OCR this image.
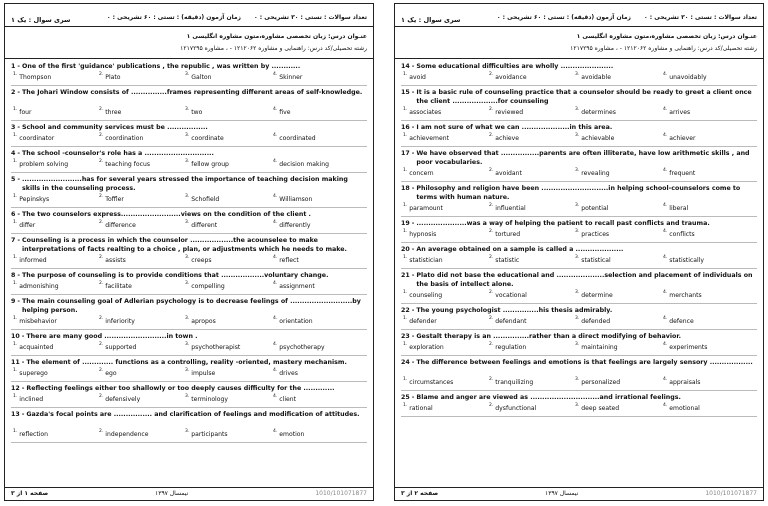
سری سوال : یک ۱	تعداد سوالات : تستی : ۳۰ تشریحی : ۰
زمان آزمون (دقیقه) : تستی : ۶۰ تشریحی : ۰
عنـوان درس: زبان تخصصی مشاوره،متون مشاوره انگلیسی ۱
رشته تحصیلی/کد درس: راهنمایی و مشاوره ۱۲۱۲۰۶۲ - ، مشاوره ۱۲۱۷۲۹۵
1 - One of the first 'guidance' publications , the republic , was written by ............
$^{1.}$ Thompson	$^{2.}$ Plato	$^{3.}$ Galton	$^{4.}$ Skinner
2 - The Johari Window consists of ...............frames representing different areas of self-knowledge.
$^{1.}$ four	$^{2.}$ three	$^{3.}$ two	$^{4.}$ five
3 - School and community services must be .................
$^{1.}$ coordinator	$^{2.}$ coordination	$^{3.}$ coordinate	$^{4.}$ coordinated
4 - The school -counselor's role has a .............................
$^{1.}$ problem solving	$^{2.}$ teaching focus	$^{3.}$ fellow group	$^{4.}$ decision making
5 - .........................has for several years stressed the importance of teaching decision making skills in the counseling process.
$^{1.}$ Pepinskys	$^{2.}$ Toffler	$^{3.}$ Schofield	$^{4.}$ Williamson
6 - The two counselors express.........................views on the condition of the client .
$^{1.}$ differ	$^{2.}$ difference	$^{3.}$ different	$^{4.}$ differently
7 - Counseling is a process in which the counselor ..................the acounselee to make interpretations of facts realting to a choice , plan, or adjustments which he needs to make.
$^{1.}$ informed	$^{2.}$ assists	$^{3.}$ creeps	$^{4.}$ reflect
8 - The purpose of counseling is to provide conditions that ..................voluntary change.
$^{1.}$ admonishing	$^{2.}$ facilitate	$^{3.}$ compelling	$^{4.}$ assignment
9 - The main counseling goal of Adlerian psychology is to decrease feelings of ..........................by helping person.
$^{1.}$ misbehavior	$^{2.}$ inferiority	$^{3.}$ apropos	$^{4.}$ orientation
10 - There are many good ..........................in town .
$^{1.}$ acquainted	$^{2.}$ supported	$^{3.}$ psychotherapist	$^{4.}$ psychotherapy
11 - The element of ............. functions as a controlling, reality -oriented, mastery mechanism.
$^{1.}$ superego	$^{2.}$ ego	$^{3.}$ impulse	$^{4.}$ drives
12 - Reflecting feelings either too shallowly or too deeply causes difficulty for the .............
$^{1.}$ inclined	$^{2.}$ defensively	$^{3.}$ terminology	$^{4.}$ client
13 - Gazda's focal points are ................ and clarification of feelings and modification of attitudes.
$^{1.}$ reflection	$^{2.}$ independence	$^{3.}$ participants	$^{4.}$ emotion
صفحه ۱ از ۳	نیمسال ۱۳۹۷	1010/101071877
سری سوال : یک ۱	تعداد سوالات : تستی : ۳۰ تشریحی : ۰
زمان آزمون (دقیقه) : تستی : ۶۰ تشریحی : ۰
عنـوان درس: زبان تخصصی مشاوره،متون مشاوره انگلیسی ۱
رشته تحصیلی/کد درس: راهنمایی و مشاوره ۱۲۱۲۰۶۲ - ، مشاوره ۱۲۱۷۲۹۵
14 - Some educational difficulties are wholly ......................
$^{1.}$ avoid	$^{2.}$ avoidance	$^{3.}$ avoidable	$^{4.}$ unavoidably
15 - It is a basic rule of counseling practice that a counselor should be ready to greet a client once the client ...................for counseling
$^{1.}$ associates	$^{2.}$ reviewed	$^{3.}$ determines	$^{4.}$ arrives
16 - I am not sure of what we can ....................in this area.
$^{1.}$ achievement	$^{2.}$ achieve	$^{3.}$ achievable	$^{4.}$ achiever
17 - We have observed that ................parents are often illiterate, have low arithmetic skills , and poor vocabularies.
$^{1.}$ concern	$^{2.}$ avoidant	$^{3.}$ revealing	$^{4.}$ frequent
18 - Philosophy and religion have been ............................in helping school-counselors come to terms with human nature.
$^{1.}$ paramount	$^{2.}$ influential	$^{3.}$ potential	$^{4.}$ liberal
19 - .....................was a way of helping the patient to recall past conflicts and trauma.
$^{1.}$ hypnosis	$^{2.}$ tortured	$^{3.}$ practices	$^{4.}$ conflicts
20 - An average obtained on a sample is called a ....................
$^{1.}$ statistician	$^{2.}$ statistic	$^{3.}$ statistical	$^{4.}$ statistically
21 - Plato did not base the educational and ....................selection and placement of individuals on the basis of intellect alone.
$^{1.}$ counseling	$^{2.}$ vocational	$^{3.}$ determine	$^{4.}$ merchants
22 - The young psychologist ...............his thesis admirably.
$^{1.}$ defender	$^{2.}$ defendant	$^{3.}$ defended	$^{4.}$ defence
23 - Gestalt therapy is an ...............rather than a direct modifying of behavior.
$^{1.}$ exploration	$^{2.}$ regulation	$^{3.}$ maintaining	$^{4.}$ experiments
24 - The difference between feelings and emotions is that feelings are largely sensory ..................
$^{1.}$ circumstances	$^{2.}$ tranquilizing	$^{3.}$ personalized	$^{4.}$ appraisals
25 - Blame and anger are viewed as .............................and irrational feelings.
$^{1.}$ rational	$^{2.}$ dysfunctional	$^{3.}$ deep seated	$^{4.}$ emotional
صفحه ۲ از ۳	نیمسال ۱۳۹۷	1010/101071877
